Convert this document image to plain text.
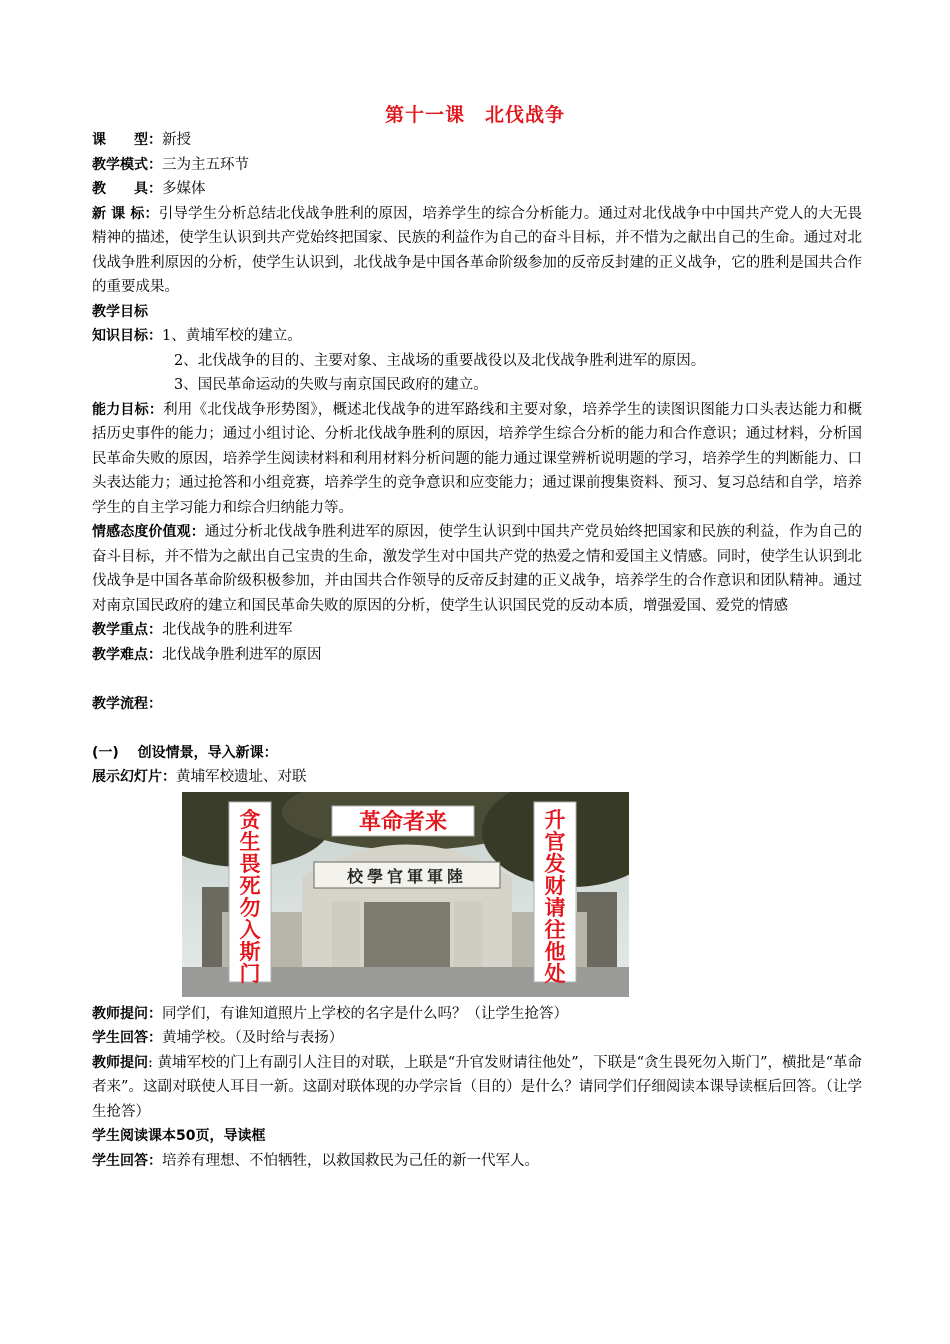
第十一课　北伐战争

课　　型：新授

教学模式：三为主五环节

教　　具：多媒体

新 课 标：引导学生分析总结北伐战争胜利的原因，培养学生的综合分析能力。通过对北伐战争中中国共产党人的大无畏精神的描述，使学生认识到共产党始终把国家、民族的利益作为自己的奋斗目标，并不惜为之献出自己的生命。通过对北伐战争胜利原因的分析，使学生认识到，北伐战争是中国各革命阶级参加的反帝反封建的正义战争，它的胜利是国共合作的重要成果。

教学目标

知识目标：1、黄埔军校的建立。

2、北伐战争的目的、主要对象、主战场的重要战役以及北伐战争胜利进军的原因。

3、国民革命运动的失败与南京国民政府的建立。

能力目标：利用《北伐战争形势图》，概述北伐战争的进军路线和主要对象，培养学生的读图识图能力口头表达能力和概括历史事件的能力；通过小组讨论、分析北伐战争胜利的原因，培养学生综合分析的能力和合作意识；通过材料，分析国民革命失败的原因，培养学生阅读材料和利用材料分析问题的能力通过课堂辨析说明题的学习，培养学生的判断能力、口头表达能力；通过抢答和小组竞赛，培养学生的竞争意识和应变能力；通过课前搜集资料、预习、复习总结和自学，培养学生的自主学习能力和综合归纳能力等。

情感态度价值观：通过分析北伐战争胜利进军的原因，使学生认识到中国共产党员始终把国家和民族的利益，作为自己的奋斗目标，并不惜为之献出自己宝贵的生命，激发学生对中国共产党的热爱之情和爱国主义情感。同时，使学生认识到北伐战争是中国各革命阶级积极参加，并由国共合作领导的反帝反封建的正义战争，培养学生的合作意识和团队精神。通过对南京国民政府的建立和国民革命失败的原因的分析，使学生认识国民党的反动本质，增强爱国、爱党的情感

教学重点：北伐战争的胜利进军

教学难点：北伐战争胜利进军的原因

教学流程：

(一)　 创设情景，导入新课：

展示幻灯片：黄埔军校遗址、对联

革命者来
校學官軍軍陸
贪生畏死勿入斯门
升官发财请往他处

教师提问：同学们，有谁知道照片上学校的名字是什么吗？（让学生抢答）

学生回答：黄埔学校。（及时给与表扬）

教师提问: 黄埔军校的门上有副引人注目的对联，上联是“升官发财请往他处”，下联是“贪生畏死勿入斯门”，横批是“革命者来”。这副对联使人耳目一新。这副对联体现的办学宗旨（目的）是什么？请同学们仔细阅读本课导读框后回答。（让学生抢答）

学生阅读课本50页，导读框

学生回答：培养有理想、不怕牺牲，以救国救民为己任的新一代军人。
